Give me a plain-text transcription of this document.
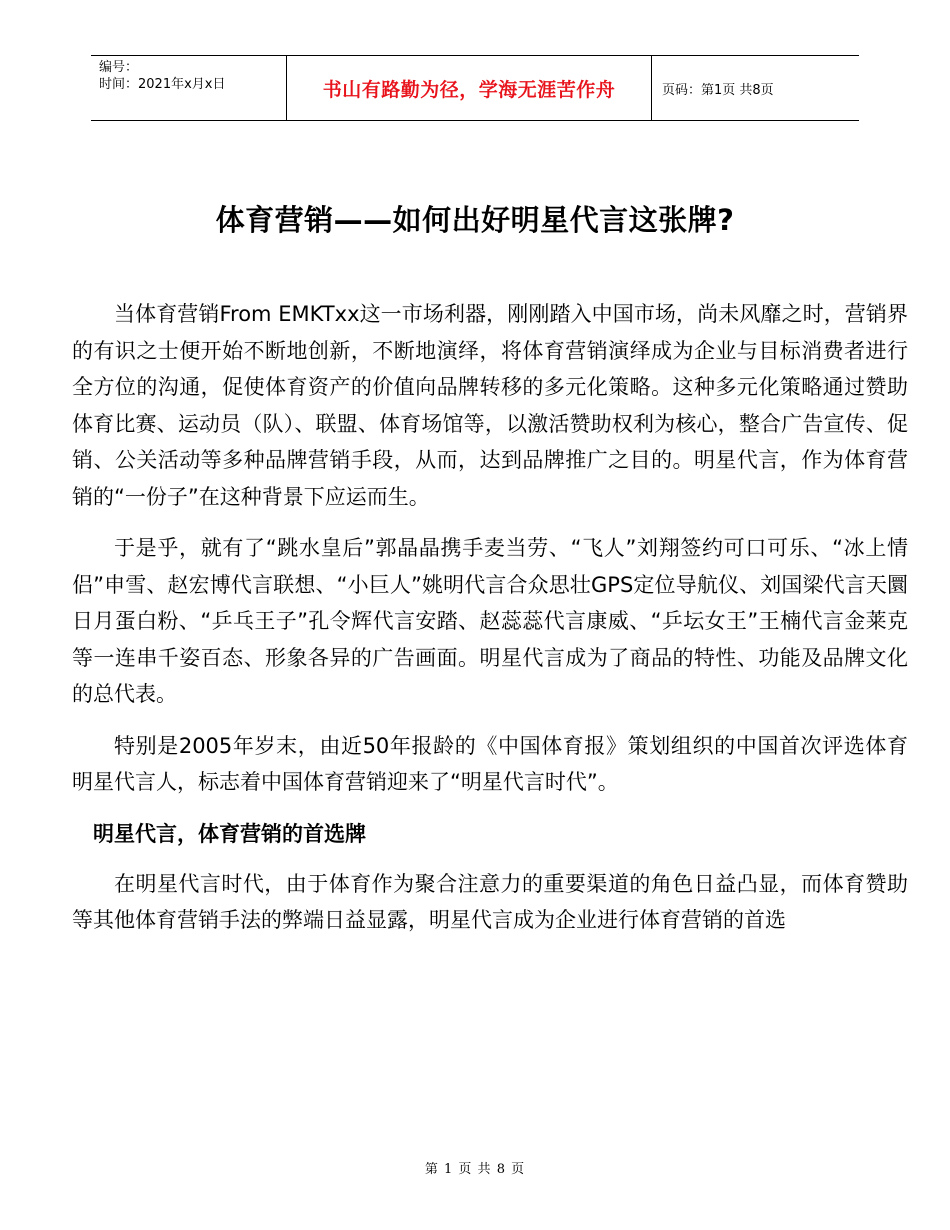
编号：
时间：2021年x月x日	书山有路勤为径，学海无涯苦作舟	页码：第1页 共8页
体育营销——如何出好明星代言这张牌?

当体育营销From EMKTxx这一市场利器，刚刚踏入中国市场，尚未风靡之时，营销界的有识之士便开始不断地创新，不断地演绎，将体育营销演绎成为企业与目标消费者进行全方位的沟通，促使体育资产的价值向品牌转移的多元化策略。这种多元化策略通过赞助体育比赛、运动员（队）、联盟、体育场馆等，以激活赞助权利为核心，整合广告宣传、促销、公关活动等多种品牌营销手段，从而，达到品牌推广之目的。明星代言，作为体育营销的“一份子”在这种背景下应运而生。

于是乎，就有了“跳水皇后”郭晶晶携手麦当劳、“飞人”刘翔签约可口可乐、“冰上情侣”申雪、赵宏博代言联想、“小巨人”姚明代言合众思壮GPS定位导航仪、刘国梁代言天圜日月蛋白粉、“乒乓王子”孔令辉代言安踏、赵蕊蕊代言康威、“乒坛女王”王楠代言金莱克等一连串千姿百态、形象各异的广告画面。明星代言成为了商品的特性、功能及品牌文化的总代表。

特别是2005年岁末，由近50年报龄的《中国体育报》策划组织的中国首次评选体育明星代言人，标志着中国体育营销迎来了“明星代言时代”。

明星代言，体育营销的首选牌

在明星代言时代，由于体育作为聚合注意力的重要渠道的角色日益凸显，而体育赞助等其他体育营销手法的弊端日益显露，明星代言成为企业进行体育营销的首选

第 1 页 共 8 页
